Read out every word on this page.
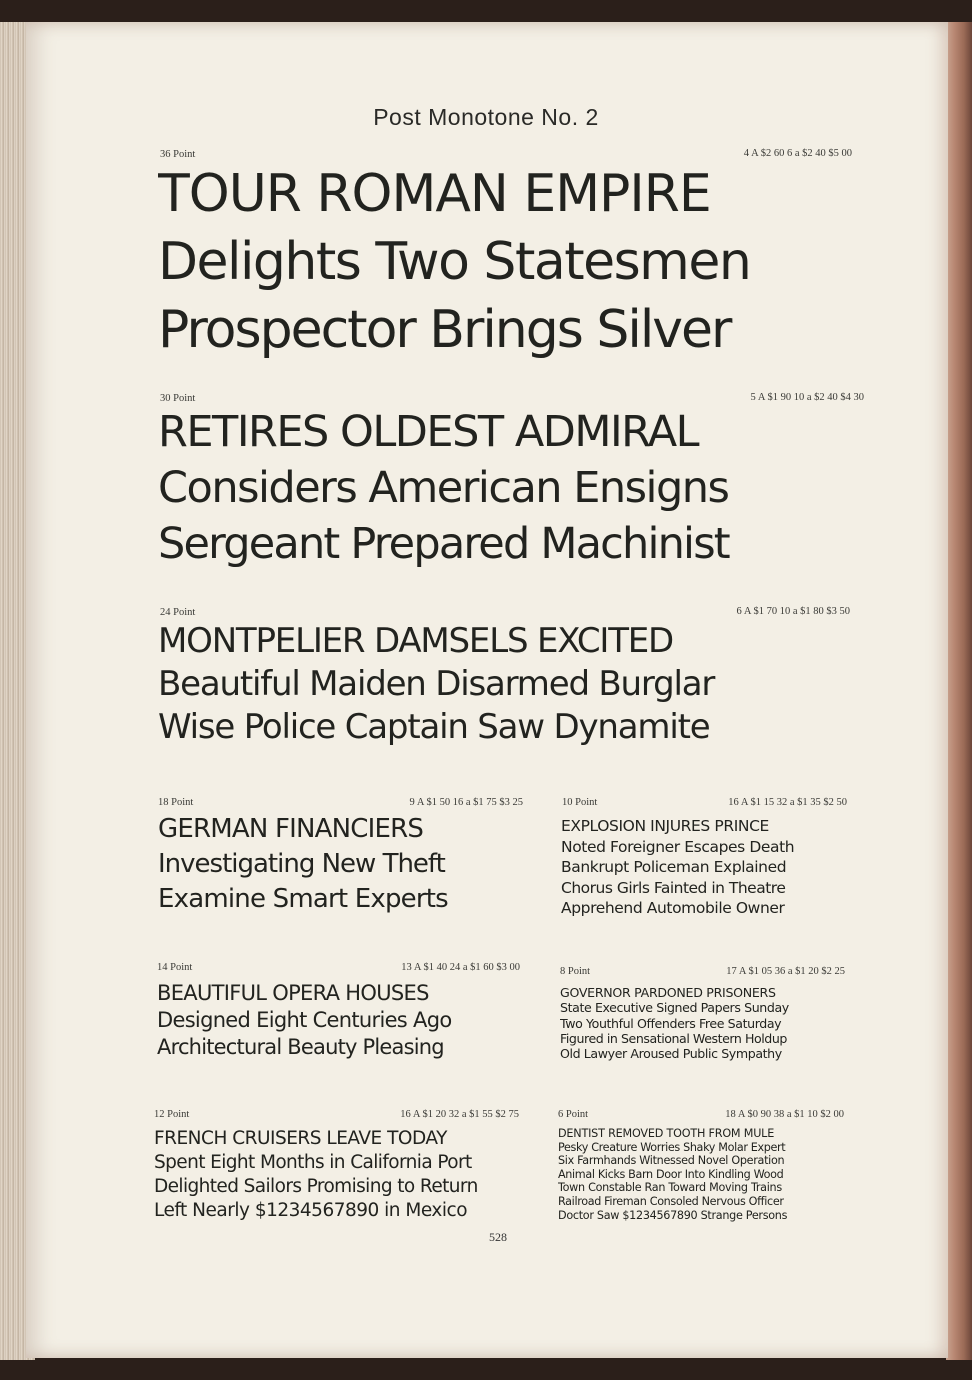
Post Monotone No. 2
36 Point	4 A $2 60 6 a $2 40 $5 00
TOUR ROMAN EMPIRE
Delights Two Statesmen
Prospector Brings Silver
30 Point	5 A $1 90 10 a $2 40 $4 30
RETIRES OLDEST ADMIRAL
Considers American Ensigns
Sergeant Prepared Machinist
24 Point	6 A $1 70 10 a $1 80 $3 50
MONTPELIER DAMSELS EXCITED
Beautiful Maiden Disarmed Burglar
Wise Police Captain Saw Dynamite
18 Point	9 A $1 50 16 a $1 75 $3 25
GERMAN FINANCIERS
Investigating New Theft
Examine Smart Experts
10 Point	16 A $1 15 32 a $1 35 $2 50
EXPLOSION INJURES PRINCE
Noted Foreigner Escapes Death
Bankrupt Policeman Explained
Chorus Girls Fainted in Theatre
Apprehend Automobile Owner
14 Point	13 A $1 40 24 a $1 60 $3 00
BEAUTIFUL OPERA HOUSES
Designed Eight Centuries Ago
Architectural Beauty Pleasing
8 Point	17 A $1 05 36 a $1 20 $2 25
GOVERNOR PARDONED PRISONERS
State Executive Signed Papers Sunday
Two Youthful Offenders Free Saturday
Figured in Sensational Western Holdup
Old Lawyer Aroused Public Sympathy
12 Point	16 A $1 20 32 a $1 55 $2 75
FRENCH CRUISERS LEAVE TODAY
Spent Eight Months in California Port
Delighted Sailors Promising to Return
Left Nearly $1234567890 in Mexico
6 Point	18 A $0 90 38 a $1 10 $2 00
DENTIST REMOVED TOOTH FROM MULE
Pesky Creature Worries Shaky Molar Expert
Six Farmhands Witnessed Novel Operation
Animal Kicks Barn Door Into Kindling Wood
Town Constable Ran Toward Moving Trains
Railroad Fireman Consoled Nervous Officer
Doctor Saw $1234567890 Strange Persons
528
